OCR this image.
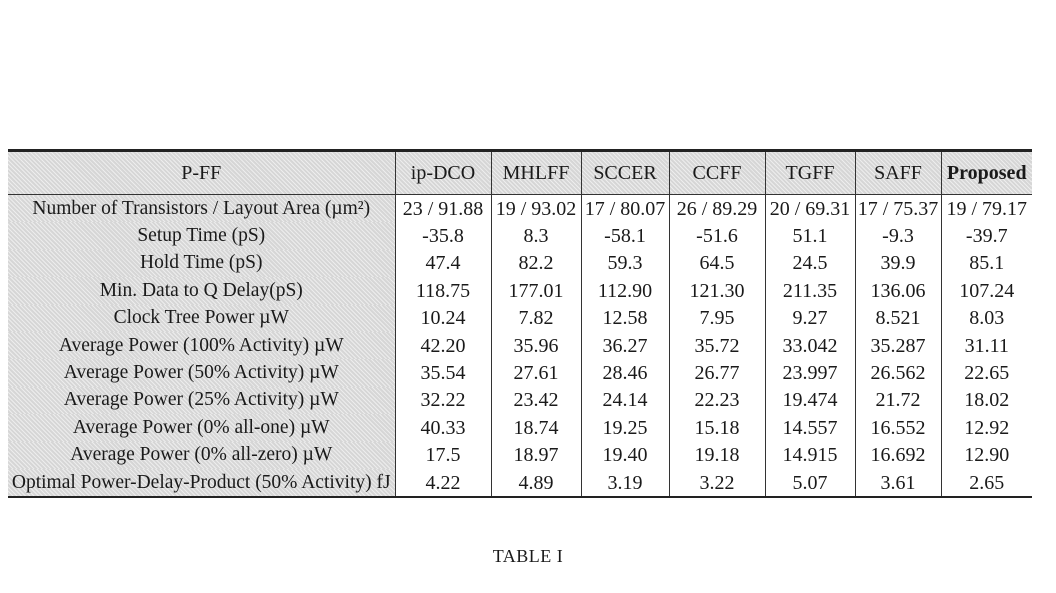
P-FF	ip-DCO	MHLFF	SCCER	CCFF	TGFF	SAFF	Proposed
Number of Transistors / Layout Area (µm²)	23 / 91.88	19 / 93.02	17 / 80.07	26 / 89.29	20 / 69.31	17 / 75.37	19 / 79.17
Setup Time (pS)	-35.8	8.3	-58.1	-51.6	51.1	-9.3	-39.7
Hold Time (pS)	47.4	82.2	59.3	64.5	24.5	39.9	85.1
Min. Data to Q Delay(pS)	118.75	177.01	112.90	121.30	211.35	136.06	107.24
Clock Tree Power µW	10.24	7.82	12.58	7.95	9.27	8.521	8.03
Average Power (100% Activity) µW	42.20	35.96	36.27	35.72	33.042	35.287	31.11
Average Power (50% Activity) µW	35.54	27.61	28.46	26.77	23.997	26.562	22.65
Average Power (25% Activity) µW	32.22	23.42	24.14	22.23	19.474	21.72	18.02
Average Power (0% all-one) µW	40.33	18.74	19.25	15.18	14.557	16.552	12.92
Average Power (0% all-zero) µW	17.5	18.97	19.40	19.18	14.915	16.692	12.90
Optimal Power-Delay-Product (50% Activity) fJ	4.22	4.89	3.19	3.22	5.07	3.61	2.65
TABLE I
